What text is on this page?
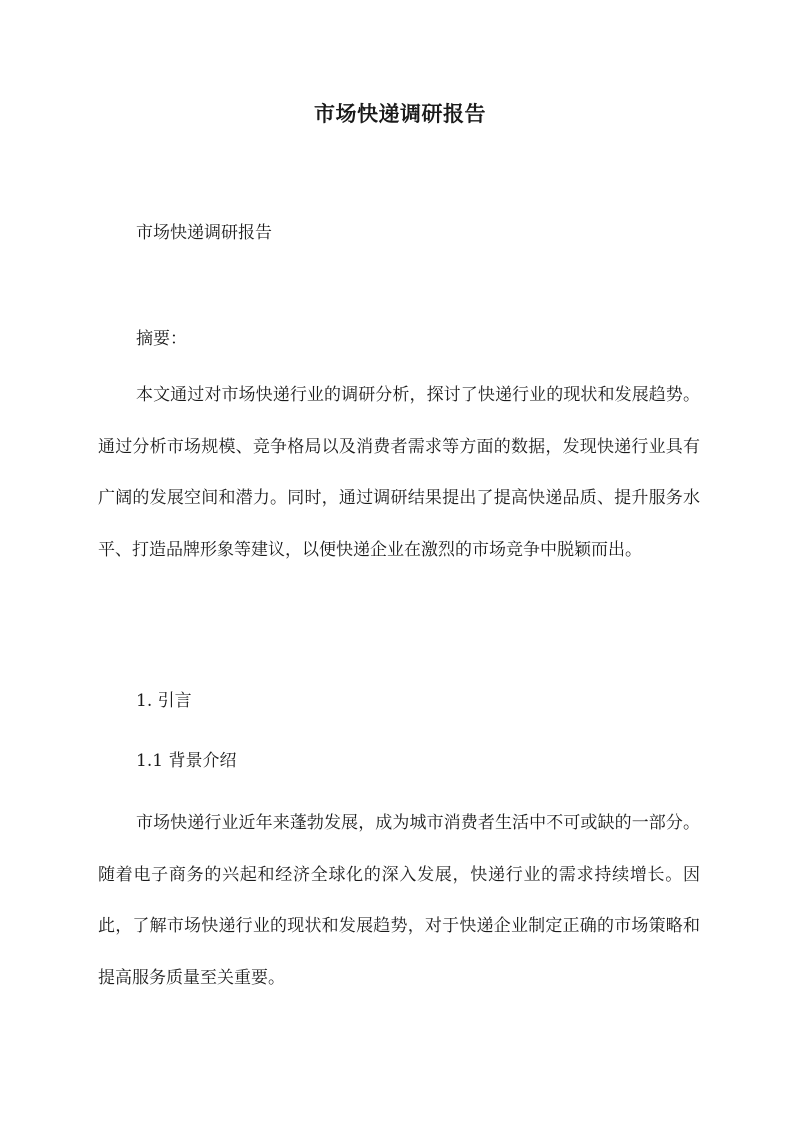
市场快递调研报告
市场快递调研报告
摘要：
本文通过对市场快递行业的调研分析，探讨了快递行业的现状和发展趋势。通过分析市场规模、竞争格局以及消费者需求等方面的数据，发现快递行业具有广阔的发展空间和潜力。同时，通过调研结果提出了提高快递品质、提升服务水平、打造品牌形象等建议，以便快递企业在激烈的市场竞争中脱颖而出。
1. 引言
1.1 背景介绍
市场快递行业近年来蓬勃发展，成为城市消费者生活中不可或缺的一部分。随着电子商务的兴起和经济全球化的深入发展，快递行业的需求持续增长。因此，了解市场快递行业的现状和发展趋势，对于快递企业制定正确的市场策略和提高服务质量至关重要。
